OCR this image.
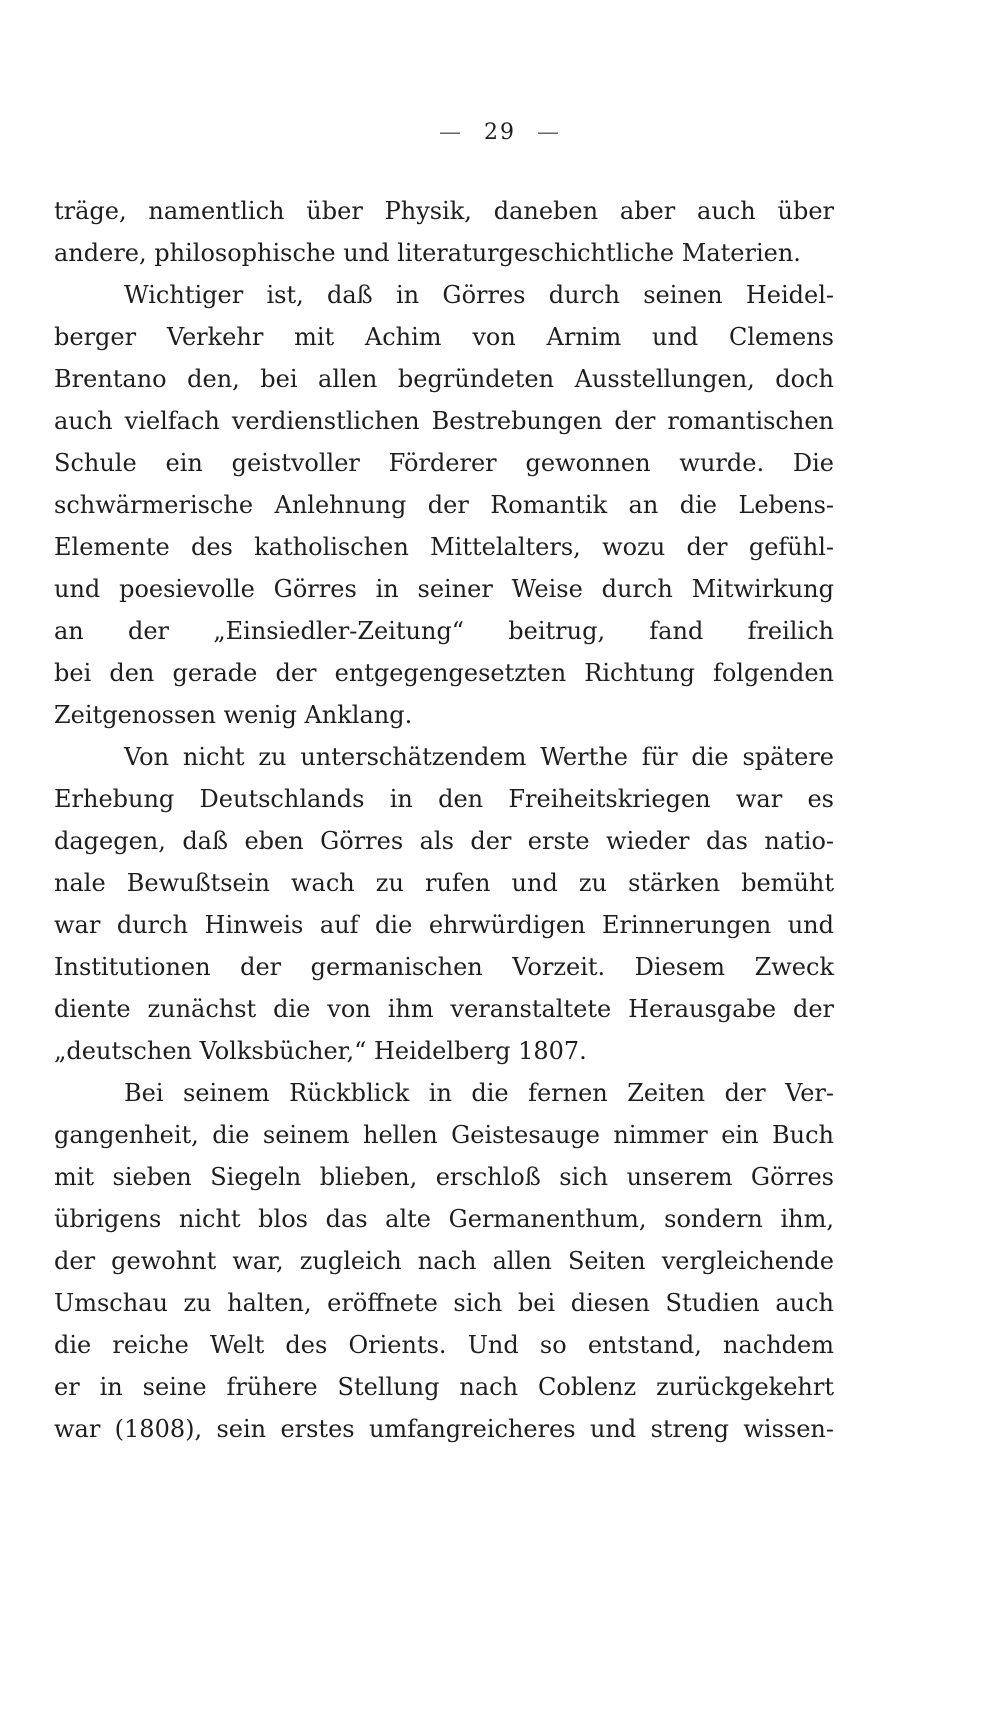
— 29 —
träge, namentlich über Physik, daneben aber auch über
andere, philosophische und literaturgeschichtliche Materien.
Wichtiger ist, daß in Görres durch seinen Heidel-
berger Verkehr mit Achim von Arnim und Clemens
Brentano den, bei allen begründeten Ausstellungen, doch
auch vielfach verdienstlichen Bestrebungen der romantischen
Schule ein geistvoller Förderer gewonnen wurde. Die
schwärmerische Anlehnung der Romantik an die Lebens-
Elemente des katholischen Mittelalters, wozu der gefühl-
und poesievolle Görres in seiner Weise durch Mitwirkung
an der „Einsiedler-Zeitung“ beitrug, fand freilich
bei den gerade der entgegengesetzten Richtung folgenden
Zeitgenossen wenig Anklang.
Von nicht zu unterschätzendem Werthe für die spätere
Erhebung Deutschlands in den Freiheitskriegen war es
dagegen, daß eben Görres als der erste wieder das natio-
nale Bewußtsein wach zu rufen und zu stärken bemüht
war durch Hinweis auf die ehrwürdigen Erinnerungen und
Institutionen der germanischen Vorzeit. Diesem Zweck
diente zunächst die von ihm veranstaltete Herausgabe der
„deutschen Volksbücher,“ Heidelberg 1807.
Bei seinem Rückblick in die fernen Zeiten der Ver-
gangenheit, die seinem hellen Geistesauge nimmer ein Buch
mit sieben Siegeln blieben, erschloß sich unserem Görres
übrigens nicht blos das alte Germanenthum, sondern ihm,
der gewohnt war, zugleich nach allen Seiten vergleichende
Umschau zu halten, eröffnete sich bei diesen Studien auch
die reiche Welt des Orients. Und so entstand, nachdem
er in seine frühere Stellung nach Coblenz zurückgekehrt
war (1808), sein erstes umfangreicheres und streng wissen-
